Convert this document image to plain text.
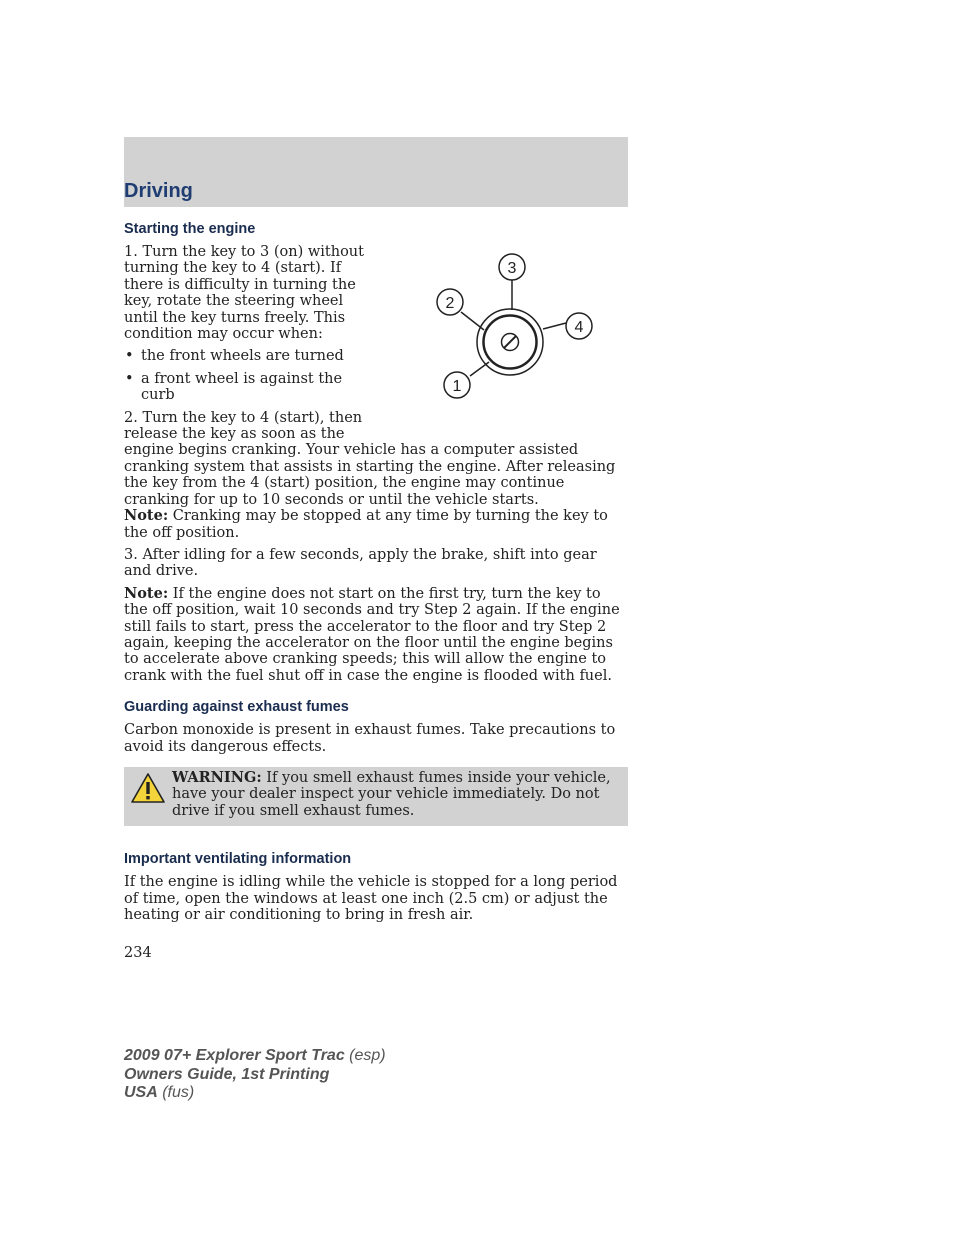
Driving
3
2
4
1
Starting the engine

1. Turn the key to 3 (on) without turning the key to 4 (start). If there is difficulty in turning the key, rotate the steering wheel until the key turns freely. This condition may occur when:

• the front wheels are turned
• a front wheel is against the curb

2. Turn the key to 4 (start), then release the key as soon as the

engine begins cranking. Your vehicle has a computer assisted cranking system that assists in starting the engine. After releasing the key from the 4 (start) position, the engine may continue cranking for up to 10 seconds or until the vehicle starts.

Note: Cranking may be stopped at any time by turning the key to the off position.

3. After idling for a few seconds, apply the brake, shift into gear and drive.

Note: If the engine does not start on the first try, turn the key to the off position, wait 10 seconds and try Step 2 again. If the engine still fails to start, press the accelerator to the floor and try Step 2 again, keeping the accelerator on the floor until the engine begins to accelerate above cranking speeds; this will allow the engine to crank with the fuel shut off in case the engine is flooded with fuel.

Guarding against exhaust fumes

Carbon monoxide is present in exhaust fumes. Take precautions to avoid its dangerous effects.

WARNING: If you smell exhaust fumes inside your vehicle, have your dealer inspect your vehicle immediately. Do not drive if you smell exhaust fumes.
Important ventilating information

If the engine is idling while the vehicle is stopped for a long period of time, open the windows at least one inch (2.5 cm) or adjust the heating or air conditioning to bring in fresh air.

234
2009 07+ Explorer Sport Trac (esp)
Owners Guide, 1st Printing
USA (fus)
